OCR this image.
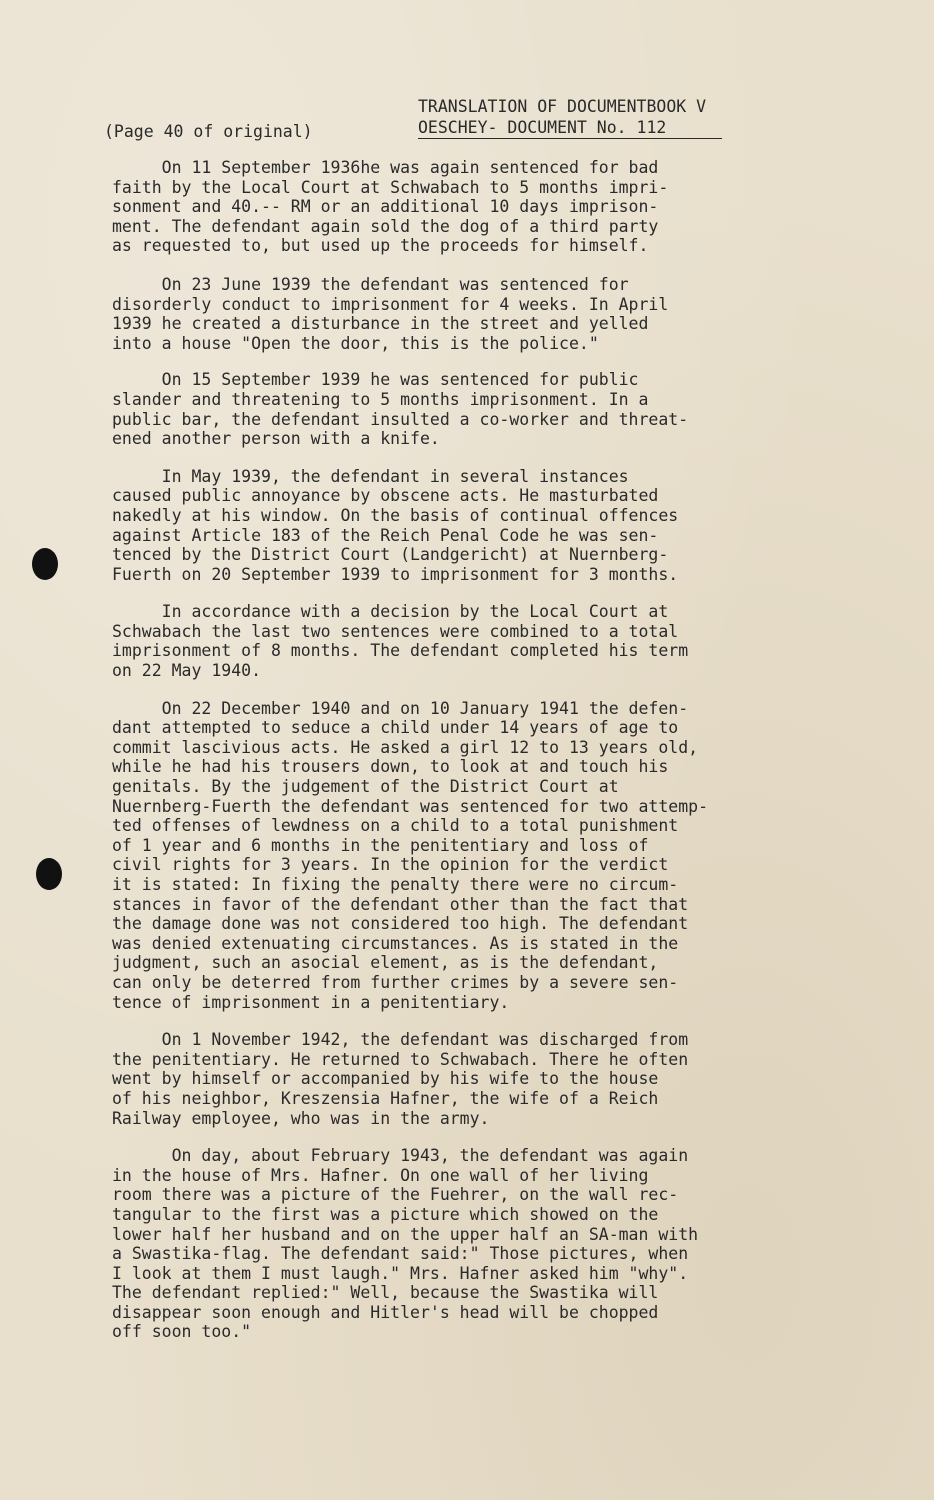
TRANSLATION OF DOCUMENTBOOK V
OESCHEY- DOCUMENT No. 112
(Page 40 of original)
On 11 September 1936he was again sentenced for bad
faith by the Local Court at Schwabach to 5 months impri-
sonment and 40.-- RM or an additional 10 days imprison-
ment. The defendant again sold the dog of a third party
as requested to, but used up the proceeds for himself.
On 23 June 1939 the defendant was sentenced for
disorderly conduct to imprisonment for 4 weeks. In April
1939 he created a disturbance in the street and yelled
into a house "Open the door, this is the police."
On 15 September 1939 he was sentenced for public
slander and threatening to 5 months imprisonment. In a
public bar, the defendant insulted a co-worker and threat-
ened another person with a knife.
In May 1939, the defendant in several instances
caused public annoyance by obscene acts. He masturbated
nakedly at his window. On the basis of continual offences
against Article 183 of the Reich Penal Code he was sen-
tenced by the District Court (Landgericht) at Nuernberg-
Fuerth on 20 September 1939 to imprisonment for 3 months.
In accordance with a decision by the Local Court at
Schwabach the last two sentences were combined to a total
imprisonment of 8 months. The defendant completed his term
on 22 May 1940.
On 22 December 1940 and on 10 January 1941 the defen-
dant attempted to seduce a child under 14 years of age to
commit lascivious acts. He asked a girl 12 to 13 years old,
while he had his trousers down, to look at and touch his
genitals. By the judgement of the District Court at
Nuernberg-Fuerth the defendant was sentenced for two attemp-
ted offenses of lewdness on a child to a total punishment
of 1 year and 6 months in the penitentiary and loss of
civil rights for 3 years. In the opinion for the verdict
it is stated: In fixing the penalty there were no circum-
stances in favor of the defendant other than the fact that
the damage done was not considered too high. The defendant
was denied extenuating circumstances. As is stated in the
judgment, such an asocial element, as is the defendant,
can only be deterred from further crimes by a severe sen-
tence of imprisonment in a penitentiary.
On 1 November 1942, the defendant was discharged from
the penitentiary. He returned to Schwabach. There he often
went by himself or accompanied by his wife to the house
of his neighbor, Kreszensia Hafner, the wife of a Reich
Railway employee, who was in the army.
On day, about February 1943, the defendant was again
in the house of Mrs. Hafner. On one wall of her living
room there was a picture of the Fuehrer, on the wall rec-
tangular to the first was a picture which showed on the
lower half her husband and on the upper half an SA-man with
a Swastika-flag. The defendant said:" Those pictures, when
I look at them I must laugh." Mrs. Hafner asked him "why".
The defendant replied:" Well, because the Swastika will
disappear soon enough and Hitler's head will be chopped
off soon too."
